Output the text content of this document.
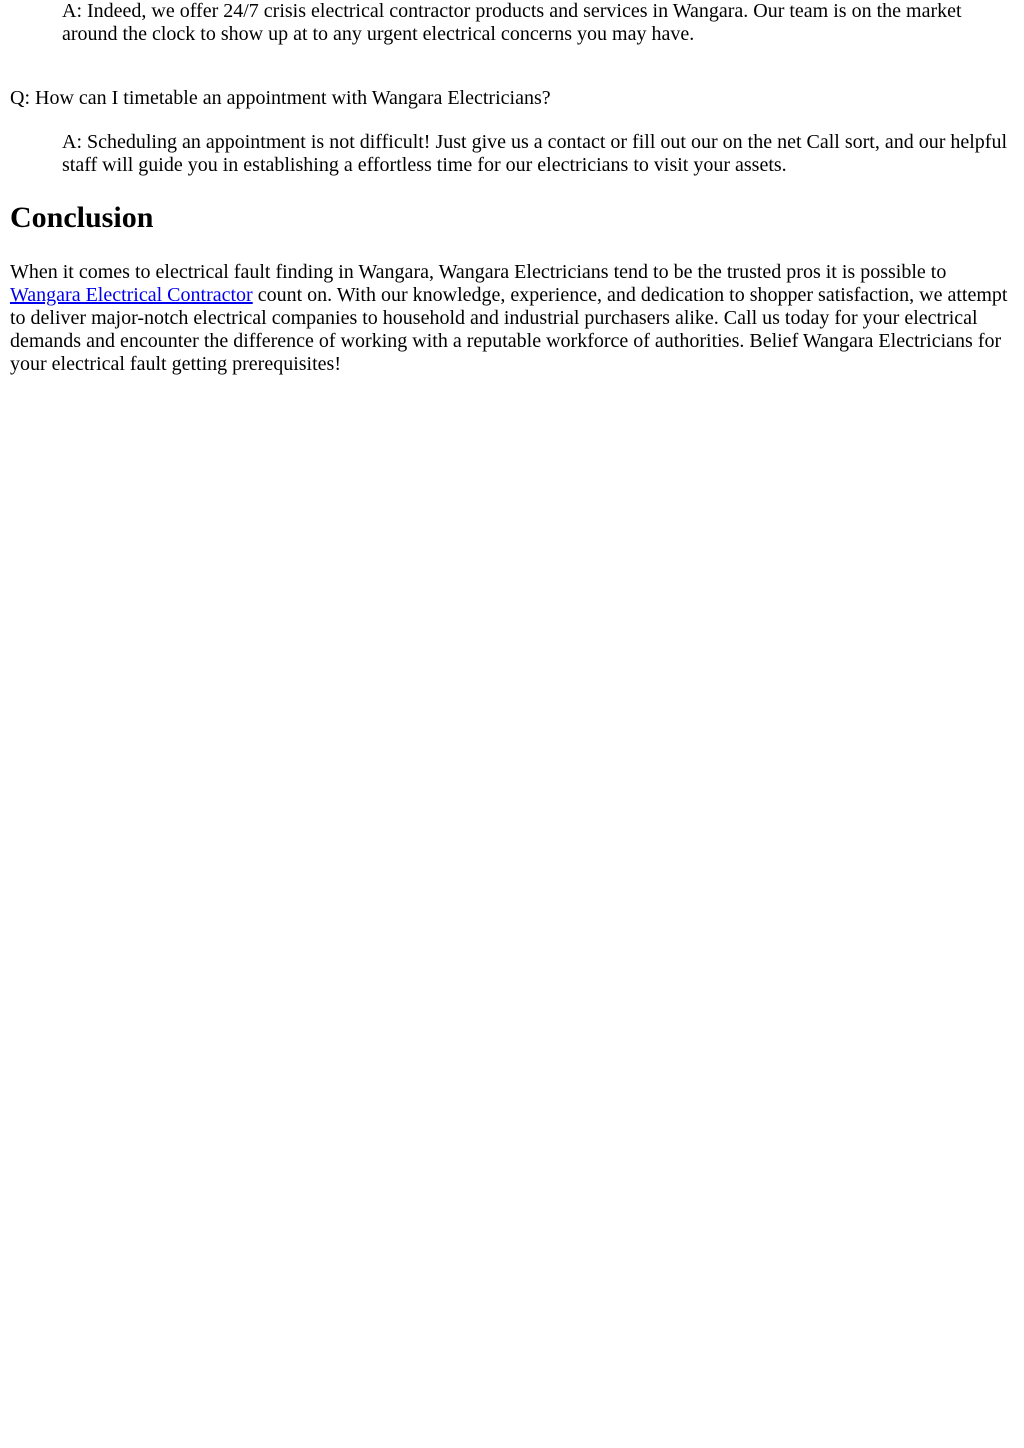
A: Indeed, we offer 24/7 crisis electrical contractor products and services in Wangara. Our team is on the market around the clock to show up at to any urgent electrical concerns you may have.

Q: How can I timetable an appointment with Wangara Electricians?

A: Scheduling an appointment is not difficult! Just give us a contact or fill out our on the net Call sort, and our helpful staff will guide you in establishing a effortless time for our electricians to visit your assets.

Conclusion

When it comes to electrical fault finding in Wangara, Wangara Electricians tend to be the trusted pros it is possible to Wangara Electrical Contractor count on. With our knowledge, experience, and dedication to shopper satisfaction, we attempt to deliver major-notch electrical companies to household and industrial purchasers alike. Call us today for your electrical demands and encounter the difference of working with a reputable workforce of authorities. Belief Wangara Electricians for your electrical fault getting prerequisites!
